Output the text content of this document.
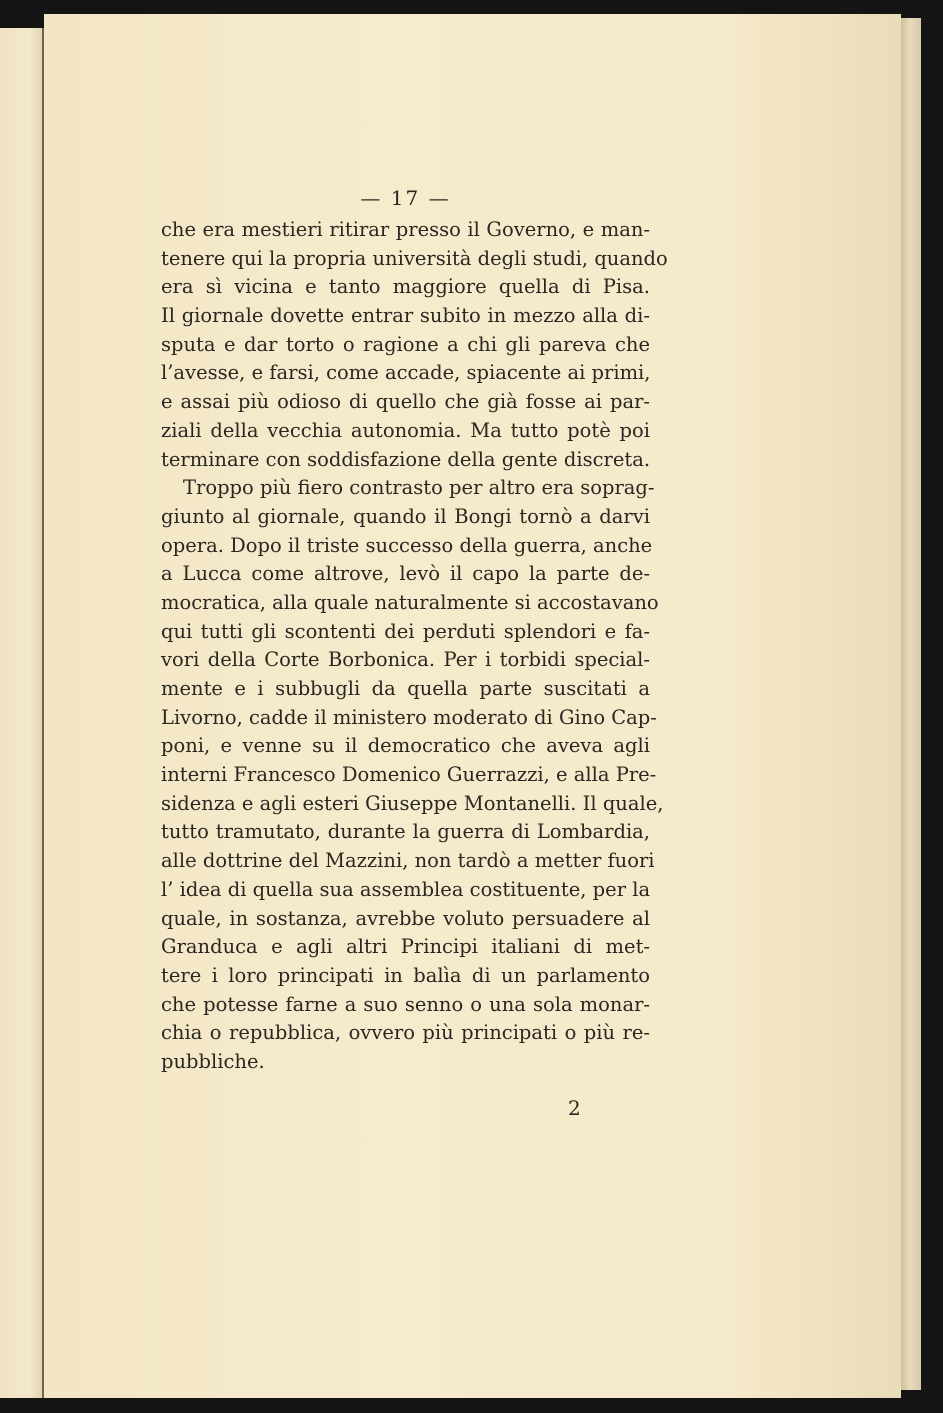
— 17 —
che era mestieri ritirar presso il Governo, e man-
tenere qui la propria università degli studi, quando
era sì vicina e tanto maggiore quella di Pisa.
Il giornale dovette entrar subito in mezzo alla di-
sputa e dar torto o ragione a chi gli pareva che
l’avesse, e farsi, come accade, spiacente ai primi,
e assai più odioso di quello che già fosse ai par-
ziali della vecchia autonomia. Ma tutto potè poi
terminare con soddisfazione della gente discreta.
Troppo più fiero contrasto per altro era soprag-
giunto al giornale, quando il Bongi tornò a darvi
opera. Dopo il triste successo della guerra, anche
a Lucca come altrove, levò il capo la parte de-
mocratica, alla quale naturalmente si accostavano
qui tutti gli scontenti dei perduti splendori e fa-
vori della Corte Borbonica. Per i torbidi special-
mente e i subbugli da quella parte suscitati a
Livorno, cadde il ministero moderato di Gino Cap-
poni, e venne su il democratico che aveva agli
interni Francesco Domenico Guerrazzi, e alla Pre-
sidenza e agli esteri Giuseppe Montanelli. Il quale,
tutto tramutato, durante la guerra di Lombardia,
alle dottrine del Mazzini, non tardò a metter fuori
l’ idea di quella sua assemblea costituente, per la
quale, in sostanza, avrebbe voluto persuadere al
Granduca e agli altri Principi italiani di met-
tere i loro principati in balìa di un parlamento
che potesse farne a suo senno o una sola monar-
chia o repubblica, ovvero più principati o più re-
pubbliche.
2
